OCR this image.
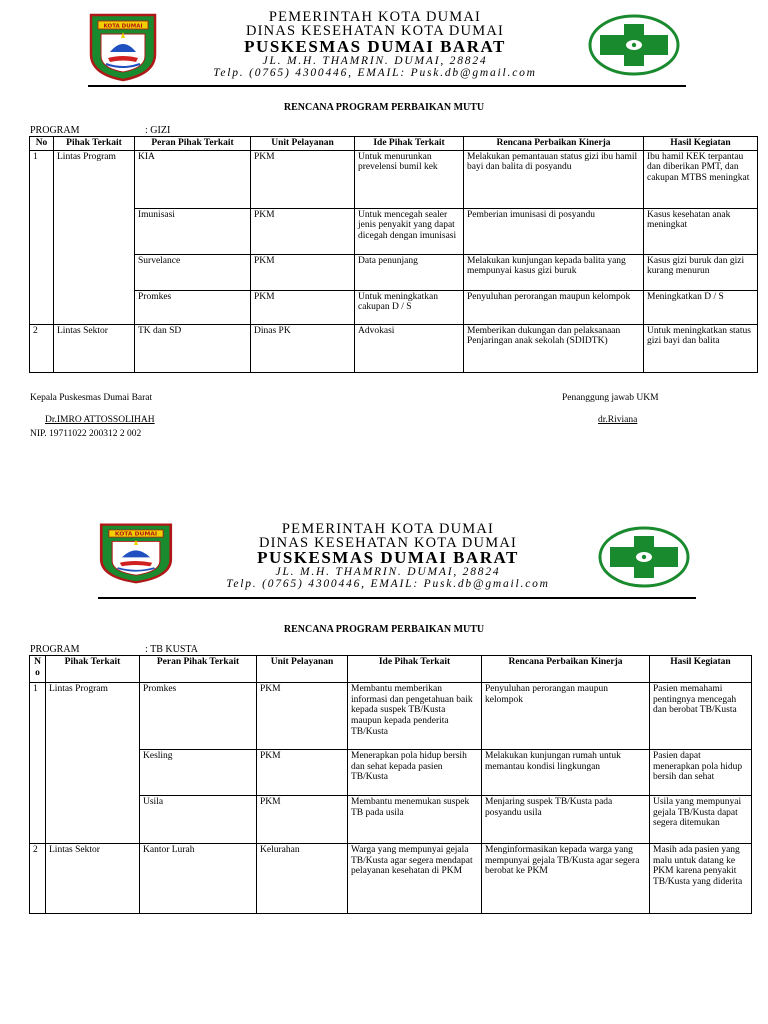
KOTA DUMAI
PEMERINTAH KOTA DUMAI
DINAS KESEHATAN KOTA DUMAI
PUSKESMAS DUMAI BARAT
JL. M.H. THAMRIN. DUMAI, 28824
Telp. (0765) 4300446, EMAIL: Pusk.db@gmail.com
RENCANA PROGRAM PERBAIKAN MUTU
PROGRAM	: GIZI
No	Pihak Terkait	Peran Pihak Terkait	Unit Pelayanan	Ide Pihak Terkait	Rencana Perbaikan Kinerja	Hasil Kegiatan
1	Lintas Program	KIA	PKM	Untuk menurunkan prevelensi bumil kek	Melakukan pemantauan status gizi ibu hamil bayi dan balita di posyandu	Ibu hamil KEK terpantau dan diberikan PMT, dan cakupan MTBS meningkat
		Imunisasi	PKM	Untuk mencegah sealer jenis penyakit yang dapat dicegah dengan imunisasi	Pemberian imunisasi di posyandu	Kasus kesehatan anak meningkat
		Survelance	PKM	Data penunjang	Melakukan kunjungan kepada balita yang mempunyai kasus gizi buruk	Kasus gizi buruk dan gizi kurang menurun
		Promkes	PKM	Untuk meningkatkan cakupan D / S	Penyuluhan perorangan maupun kelompok	Meningkatkan D / S
2	Lintas Sektor	TK dan SD	Dinas PK	Advokasi	Memberikan dukungan dan pelaksanaan Penjaringan anak sekolah (SDIDTK)	Untuk meningkatkan status gizi bayi dan balita
Kepala Puskesmas Dumai Barat
Dr.IMRO ATTOSSOLIHAH
NIP. 19711022 200312 2 002
Penanggung jawab UKM
dr.Riviana
KOTA DUMAI	PEMERINTAH KOTA DUMAI
DINAS KESEHATAN KOTA DUMAI
PUSKESMAS DUMAI BARAT
JL. M.H. THAMRIN. DUMAI, 28824
Telp. (0765) 4300446, EMAIL: Pusk.db@gmail.com
RENCANA PROGRAM PERBAIKAN MUTU
PROGRAM	: TB KUSTA
N o	Pihak Terkait	Peran Pihak Terkait	Unit Pelayanan	Ide Pihak Terkait	Rencana Perbaikan Kinerja	Hasil Kegiatan
1	Lintas Program	Promkes	PKM	Membantu memberikan informasi dan pengetahuan baik kepada suspek TB/Kusta maupun kepada penderita TB/Kusta	Penyuluhan perorangan maupun kelompok	Pasien memahami pentingnya mencegah dan berobat TB/Kusta
		Kesling	PKM	Menerapkan pola hidup bersih dan sehat kepada pasien TB/Kusta	Melakukan kunjungan rumah untuk memantau kondisi lingkungan	Pasien dapat menerapkan pola hidup bersih dan sehat
		Usila	PKM	Membantu menemukan suspek TB pada usila	Menjaring suspek TB/Kusta pada posyandu usila	Usila yang mempunyai gejala TB/Kusta dapat segera ditemukan
2	Lintas Sektor	Kantor Lurah	Kelurahan	Warga yang mempunyai gejala TB/Kusta agar segera mendapat pelayanan kesehatan di PKM	Menginformasikan kepada warga yang mempunyai gejala TB/Kusta agar segera berobat ke PKM	Masih ada pasien yang malu untuk datang ke PKM karena penyakit TB/Kusta yang diderita
